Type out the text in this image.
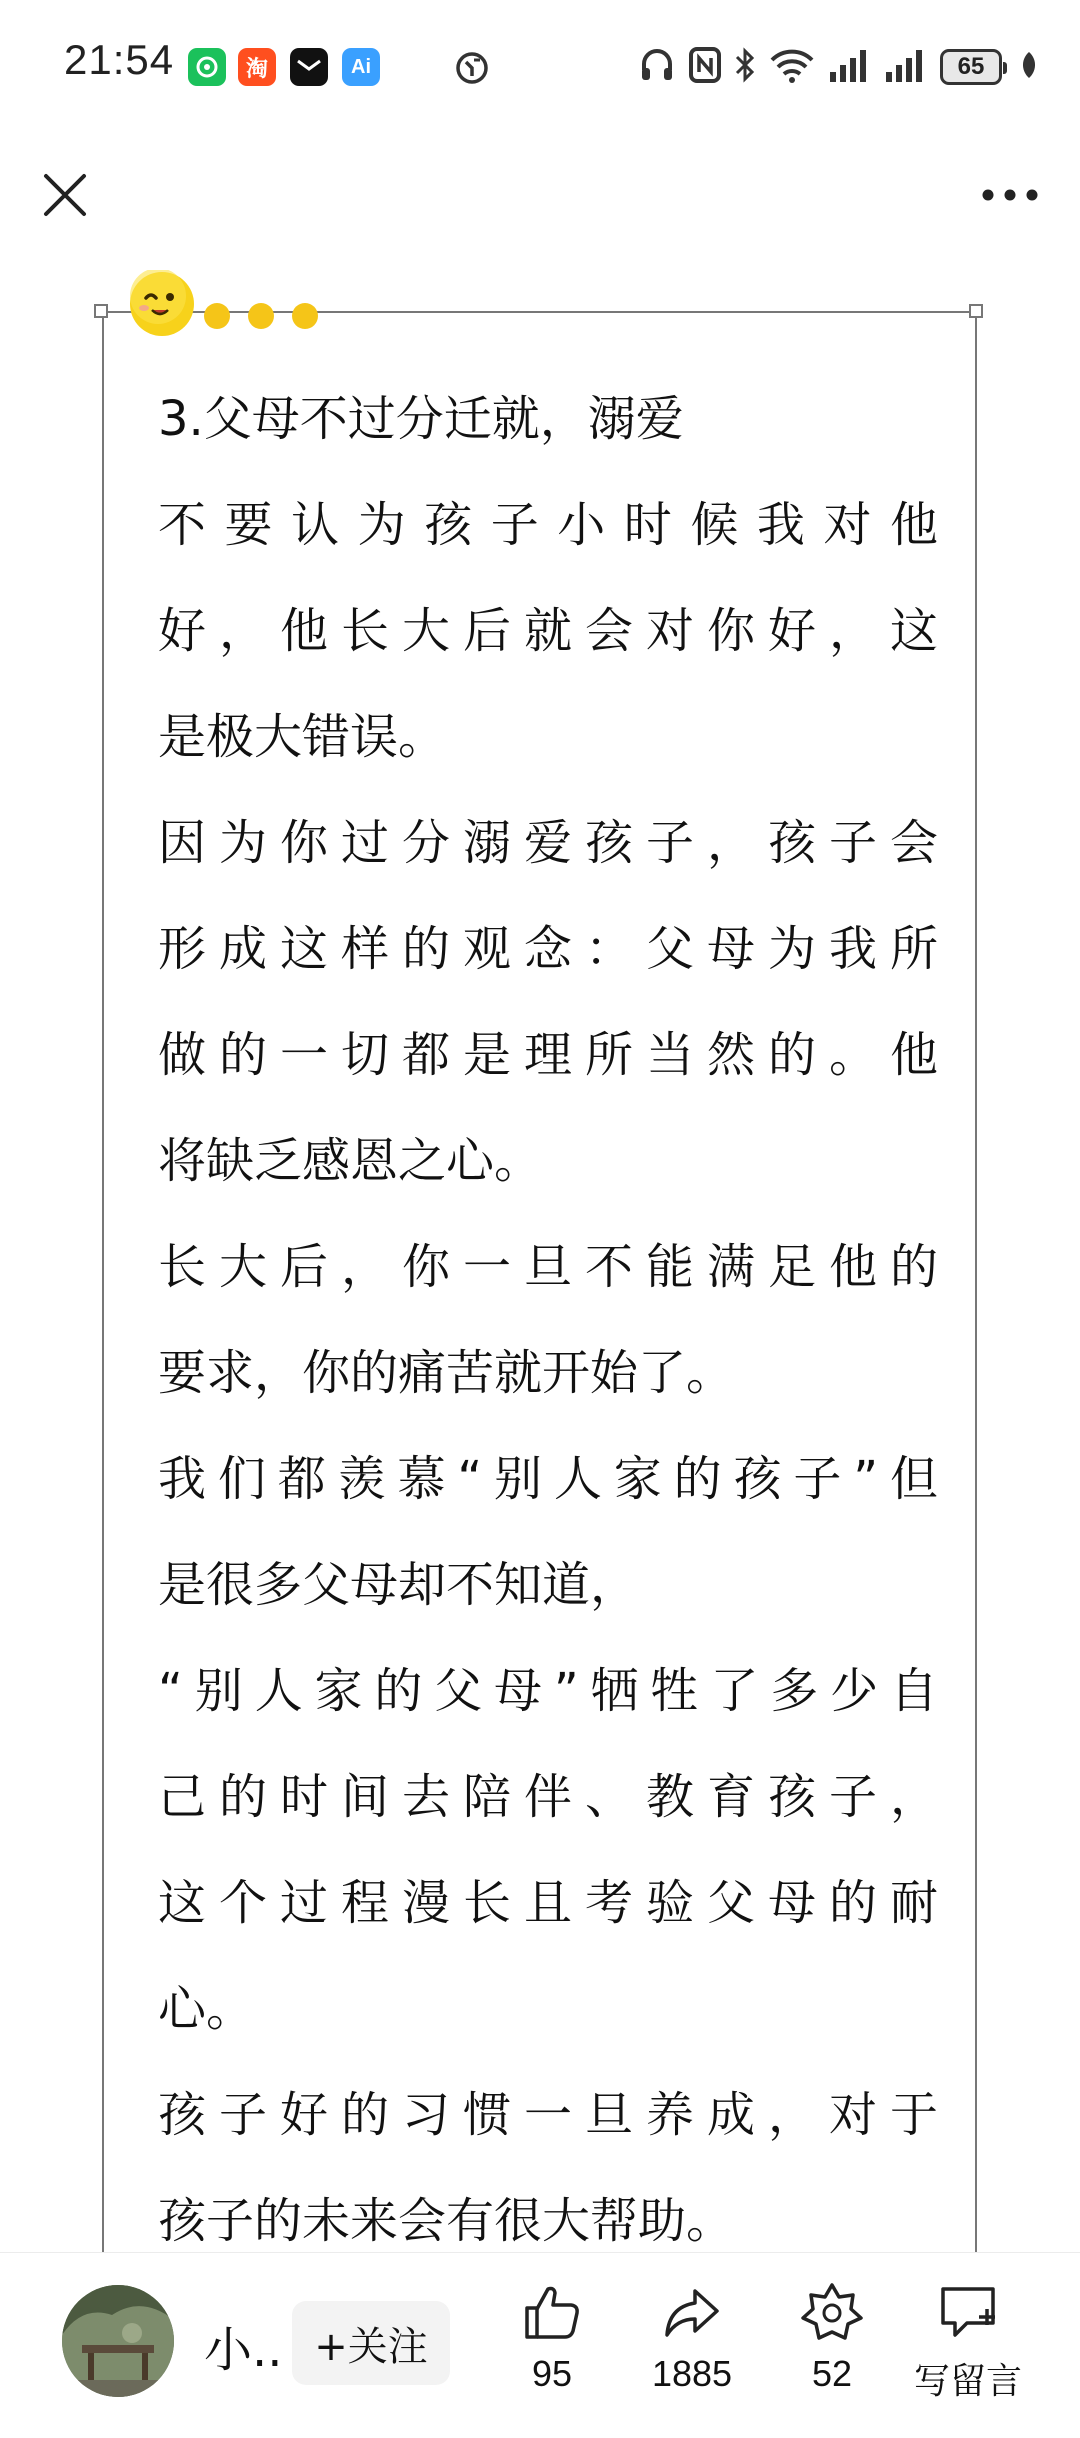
21:54	淘	Ai	65
3.父母不过分迁就，溺爱
不要认为孩子小时候我对他
好，他长大后就会对你好，这
是极大错误。
因为你过分溺爱孩子，孩子会
形成这样的观念：父母为我所
做的一切都是理所当然的。他
将缺乏感恩之心。
长大后，你一旦不能满足他的
要求，你的痛苦就开始了。
我们都羡慕“别人家的孩子”但
是很多父母却不知道，
“别人家的父母”牺牲了多少自
己的时间去陪伴、教育孩子，
这个过程漫长且考验父母的耐
心。
孩子好的习惯一旦养成，对于
孩子的未来会有很大帮助。
小.. +关注
95 1885 52 写留言
